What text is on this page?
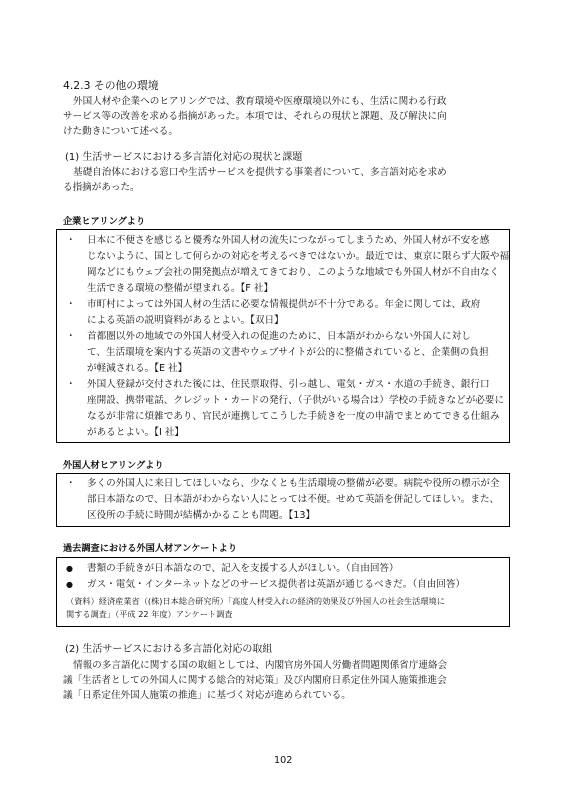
4.2.3 その他の環境
外国人材や企業へのヒアリングでは、教育環境や医療環境以外にも、生活に関わる行政
サービス等の改善を求める指摘があった。本項では、それらの現状と課題、及び解決に向
けた動きについて述べる。
(1) 生活サービスにおける多言語化対応の現状と課題
基礎自治体における窓口や生活サービスを提供する事業者について、多言語対応を求め
る指摘があった。
企業ヒアリングより
・ 日本に不便さを感じると優秀な外国人材の流失につながってしまうため、外国人材が不安を感
じないように、国として何らかの対応を考えるべきではないか。最近では、東京に限らず大阪や福
岡などにもウェブ会社の開発拠点が増えてきており、このような地域でも外国人材が不自由なく
生活できる環境の整備が望まれる。【F 社】
・ 市町村によっては外国人材の生活に必要な情報提供が不十分である。年金に関しては、政府
による英語の説明資料があるとよい。【双日】
・ 首都圏以外の地域での外国人材受入れの促進のために、日本語がわからない外国人に対し
て、生活環境を案内する英語の文書やウェブサイトが公的に整備されていると、企業側の負担
が軽減される。【E 社】
・ 外国人登録が交付された後には、住民票取得、引っ越し、電気・ガス・水道の手続き、銀行口
座開設、携帯電話、クレジット・カードの発行、（子供がいる場合は）学校の手続きなどが必要に
なるが非常に煩雑であり、官民が連携してこうした手続きを一度の申請でまとめてできる仕組み
があるとよい。【I 社】
外国人材ヒアリングより
・ 多くの外国人に来日してほしいなら、少なくとも生活環境の整備が必要。病院や役所の標示が全
部日本語なので、日本語がわからない人にとっては不便。せめて英語を併記してほしい。また、
区役所の手続に時間が結構かかることも問題。【13】
過去調査における外国人材アンケートより
● 書類の手続きが日本語なので、記入を支援する人がほしい。（自由回答）
● ガス・電気・インターネットなどのサービス提供者は英語が通じるべきだ。（自由回答）
（資料）経済産業省（(株)日本総合研究所）「高度人材受入れの経済的効果及び外国人の社会生活環境に
関する調査」（平成 22 年度）アンケート調査
(2) 生活サービスにおける多言語化対応の取組
情報の多言語化に関する国の取組としては、内閣官房外国人労働者問題関係省庁連絡会
議「生活者としての外国人に関する総合的対応策」及び内閣府日系定住外国人施策推進会
議「日系定住外国人施策の推進」に基づく対応が進められている。
102
